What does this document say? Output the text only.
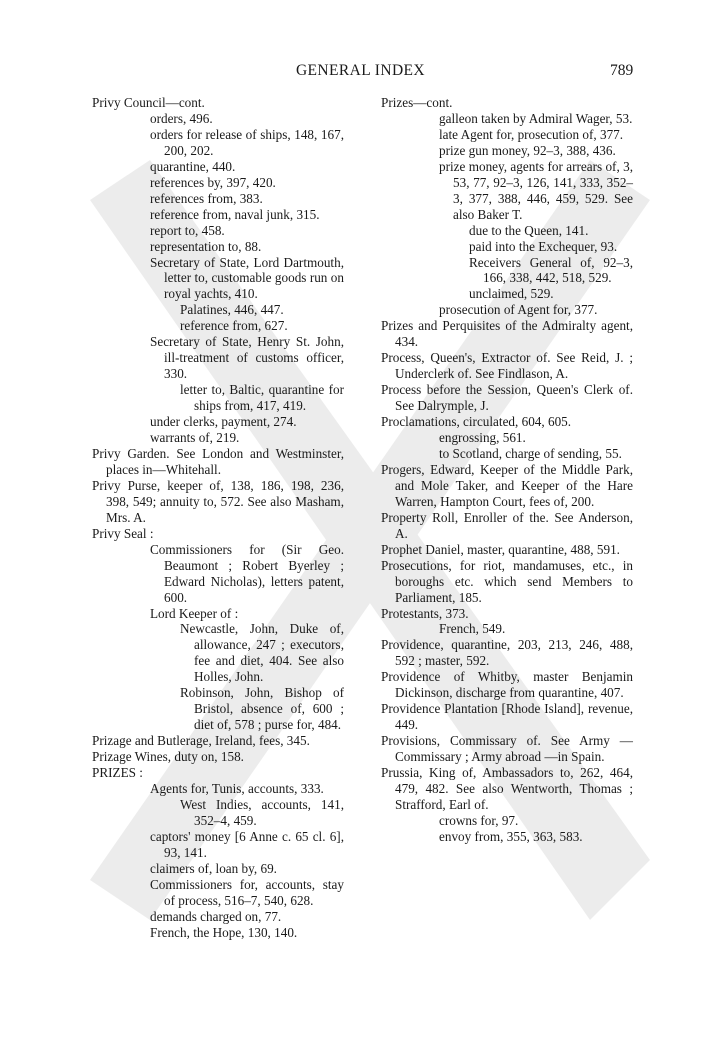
GENERAL INDEX	789

Privy Council—cont.

orders, 496.

orders for release of ships, 148, 167, 200, 202.

quarantine, 440.

references by, 397, 420.

references from, 383.

reference from, naval junk, 315.

report to, 458.

representation to, 88.

Secretary of State, Lord Dartmouth, letter to, customable goods run on royal yachts, 410.

Palatines, 446, 447.

reference from, 627.

Secretary of State, Henry St. John, ill-treatment of customs officer, 330.

letter to, Baltic, quarantine for ships from, 417, 419.

under clerks, payment, 274.

warrants of, 219.

Privy Garden. See London and Westminster, places in—Whitehall.

Privy Purse, keeper of, 138, 186, 198, 236, 398, 549; annuity to, 572. See also Masham, Mrs. A.

Privy Seal :

Commissioners for (Sir Geo. Beaumont ; Robert Byerley ; Edward Nicholas), letters patent, 600.

Lord Keeper of :

Newcastle, John, Duke of, allowance, 247 ; executors, fee and diet, 404. See also Holles, John.

Robinson, John, Bishop of Bristol, absence of, 600 ; diet of, 578 ; purse for, 484.

Prizage and Butlerage, Ireland, fees, 345.

Prizage Wines, duty on, 158.

PRIZES :

Agents for, Tunis, accounts, 333.

West Indies, accounts, 141, 352–4, 459.

captors' money [6 Anne c. 65 cl. 6], 93, 141.

claimers of, loan by, 69.

Commissioners for, accounts, stay of process, 516–7, 540, 628.

demands charged on, 77.

French, the Hope, 130, 140.

Prizes—cont.

galleon taken by Admiral Wager, 53.

late Agent for, prosecution of, 377.

prize gun money, 92–3, 388, 436.

prize money, agents for arrears of, 3, 53, 77, 92–3, 126, 141, 333, 352–3, 377, 388, 446, 459, 529. See also Baker T.

due to the Queen, 141.

paid into the Exchequer, 93.

Receivers General of, 92–3, 166, 338, 442, 518, 529.

unclaimed, 529.

prosecution of Agent for, 377.

Prizes and Perquisites of the Admiralty agent, 434.

Process, Queen's, Extractor of. See Reid, J. ; Underclerk of. See Findlason, A.

Process before the Session, Queen's Clerk of. See Dalrymple, J.

Proclamations, circulated, 604, 605.

engrossing, 561.

to Scotland, charge of sending, 55.

Progers, Edward, Keeper of the Middle Park, and Mole Taker, and Keeper of the Hare Warren, Hampton Court, fees of, 200.

Property Roll, Enroller of the. See Anderson, A.

Prophet Daniel, master, quarantine, 488, 591.

Prosecutions, for riot, mandamuses, etc., in boroughs etc. which send Members to Parliament, 185.

Protestants, 373.

French, 549.

Providence, quarantine, 203, 213, 246, 488, 592 ; master, 592.

Providence of Whitby, master Benjamin Dickinson, discharge from quarantine, 407.

Providence Plantation [Rhode Island], revenue, 449.

Provisions, Commissary of. See Army —Commissary ; Army abroad —in Spain.

Prussia, King of, Ambassadors to, 262, 464, 479, 482. See also Wentworth, Thomas ; Strafford, Earl of.

crowns for, 97.

envoy from, 355, 363, 583.
